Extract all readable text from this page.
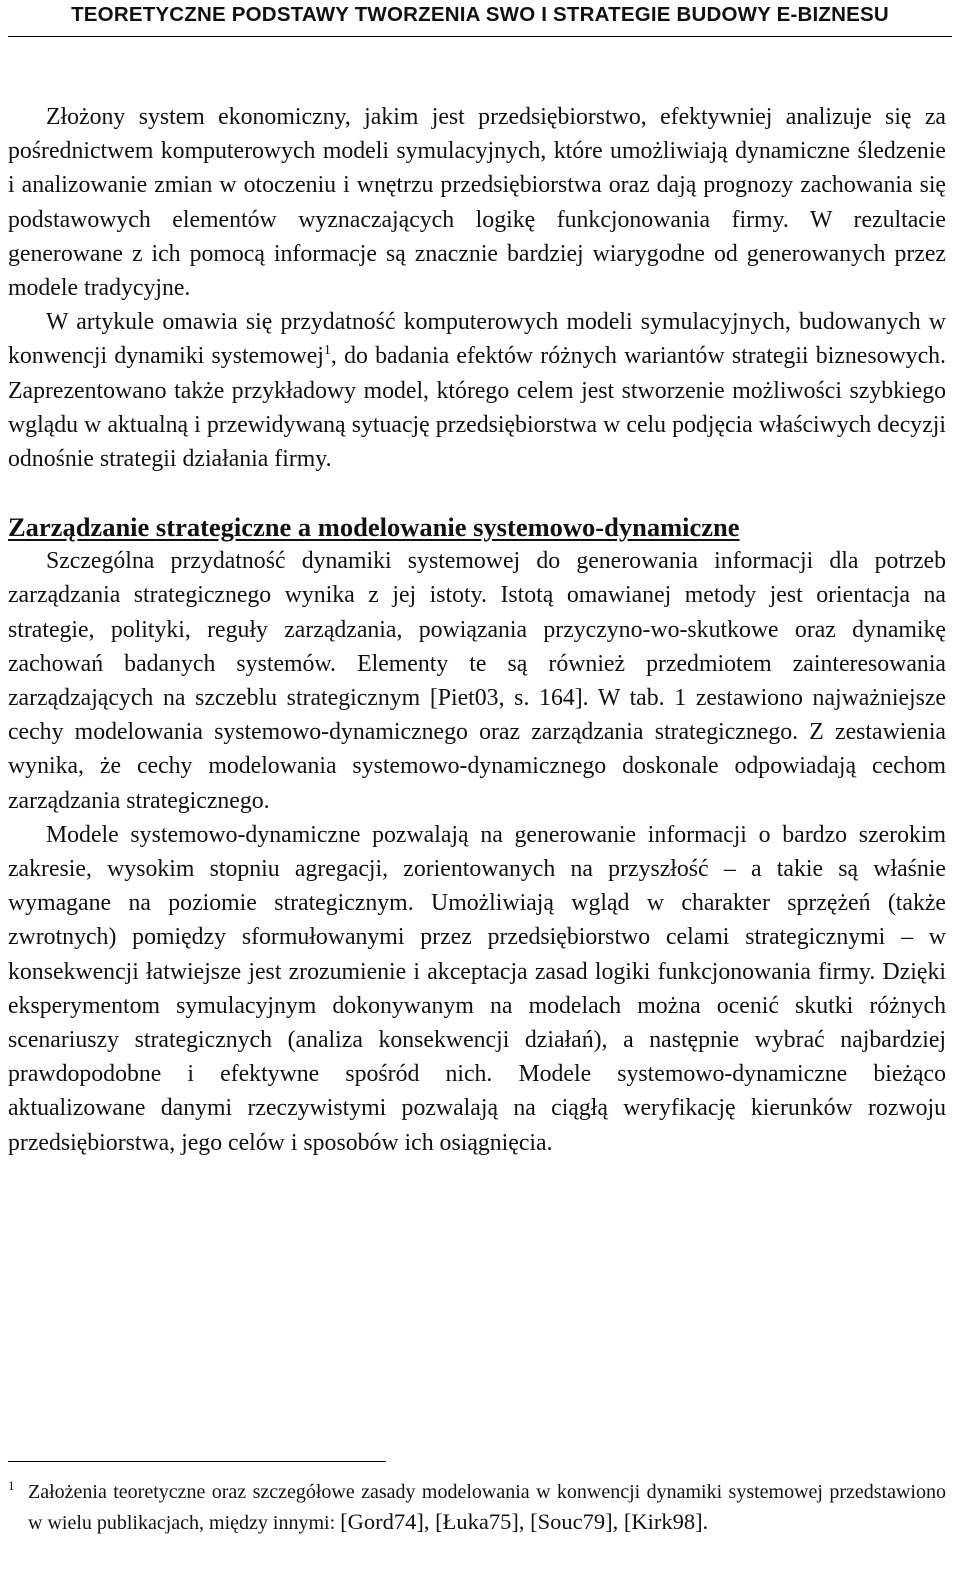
TEORETYCZNE PODSTAWY TWORZENIA SWO I STRATEGIE BUDOWY E-BIZNESU

Złożony system ekonomiczny, jakim jest przedsiębiorstwo, efektywniej analizuje się za pośrednictwem komputerowych modeli symulacyjnych, które umożliwiają dynamiczne śledzenie i analizowanie zmian w otoczeniu i wnętrzu przedsiębiorstwa oraz dają prognozy zachowania się podstawowych elementów wyznaczających logikę funkcjonowania firmy. W rezultacie generowane z ich pomocą informacje są znacznie bardziej wiarygodne od generowanych przez modele tradycyjne.

W artykule omawia się przydatność komputerowych modeli symulacyjnych, budowanych w konwencji dynamiki systemowej$^1$, do badania efektów różnych wariantów strategii biznesowych. Zaprezentowano także przykładowy model, którego celem jest stworzenie możliwości szybkiego wglądu w aktualną i przewidywaną sytuację przedsiębiorstwa w celu podjęcia właściwych decyzji odnośnie strategii działania firmy.

Zarządzanie strategiczne a modelowanie systemowo-dynamiczne

Szczególna przydatność dynamiki systemowej do generowania informacji dla potrzeb zarządzania strategicznego wynika z jej istoty. Istotą omawianej metody jest orientacja na strategie, polityki, reguły zarządzania, powiązania przyczyno-wo-skutkowe oraz dynamikę zachowań badanych systemów. Elementy te są również przedmiotem zainteresowania zarządzających na szczeblu strategicznym [Piet03, s. 164]. W tab. 1 zestawiono najważniejsze cechy modelowania systemowo-dynamicznego oraz zarządzania strategicznego. Z zestawienia wynika, że cechy modelowania systemowo-dynamicznego doskonale odpowiadają cechom zarządzania strategicznego.

Modele systemowo-dynamiczne pozwalają na generowanie informacji o bardzo szerokim zakresie, wysokim stopniu agregacji, zorientowanych na przyszłość – a takie są właśnie wymagane na poziomie strategicznym. Umożliwiają wgląd w charakter sprzężeń (także zwrotnych) pomiędzy sformułowanymi przez przedsiębiorstwo celami strategicznymi – w konsekwencji łatwiejsze jest zrozumienie i akceptacja zasad logiki funkcjonowania firmy. Dzięki eksperymentom symulacyjnym dokonywanym na modelach można ocenić skutki różnych scenariuszy strategicznych (analiza konsekwencji działań), a następnie wybrać najbardziej prawdopodobne i efektywne spośród nich. Modele systemowo-dynamiczne bieżąco aktualizowane danymi rzeczywistymi pozwalają na ciągłą weryfikację kierunków rozwoju przedsiębiorstwa, jego celów i sposobów ich osiągnięcia.

1 Założenia teoretyczne oraz szczegółowe zasady modelowania w konwencji dynamiki systemowej przedstawiono w wielu publikacjach, między innymi: [Gord74], [Łuka75], [Souc79], [Kirk98].
